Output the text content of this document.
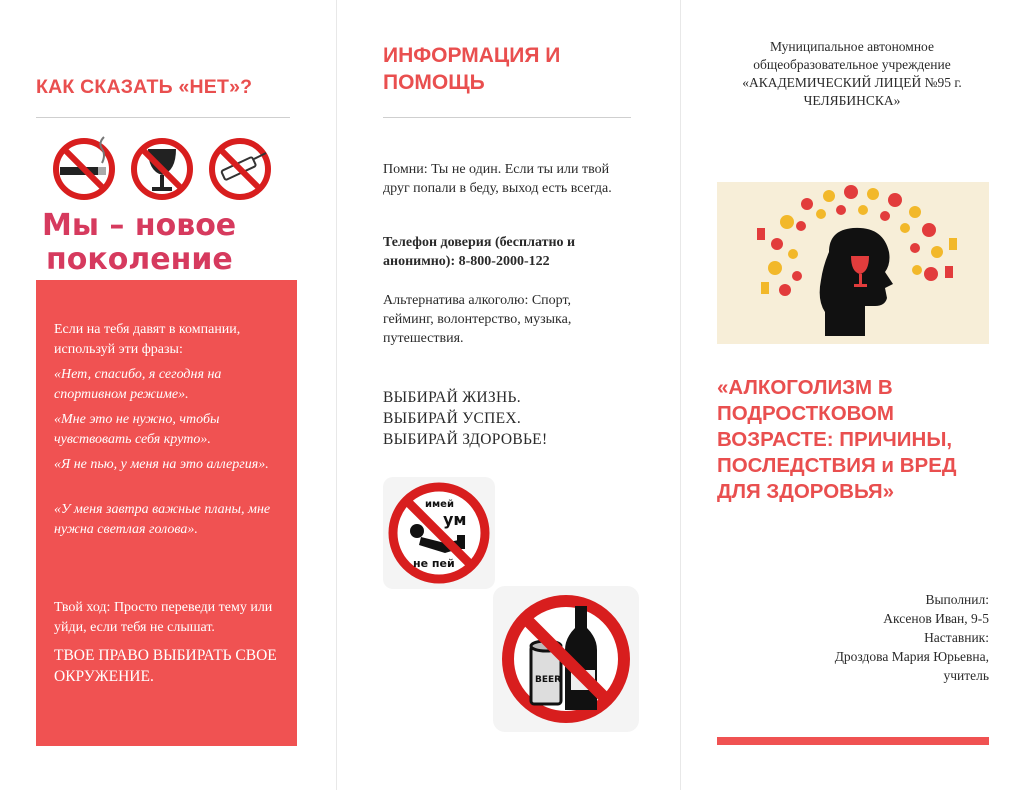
КАК СКАЗАТЬ «НЕТ»?
Мы – новое
поколение

Если на тебя давят в компании, используй эти фразы:

«Нет, спасибо, я сегодня на спортивном режиме».

«Мне это не нужно, чтобы чувствовать себя круто».

«Я не пью, у меня на это аллергия».

«У меня завтра важные планы, мне нужна светлая голова».

Твой ход: Просто переведи тему или уйди, если тебя не слышат.

ТВОЕ ПРАВО ВЫБИРАТЬ СВОЕ ОКРУЖЕНИЕ.

ИНФОРМАЦИЯ И ПОМОЩЬ

Помни: Ты не один. Если ты или твой друг попали в беду, выход есть всегда.

Телефон доверия (бесплатно и анонимно): 8-800-2000-122

Альтернатива алкоголю: Спорт, гейминг, волонтерство, музыка, путешествия.

ВЫБИРАЙ ЖИЗНЬ.

ВЫБИРАЙ УСПЕХ.

ВЫБИРАЙ ЗДОРОВЬЕ!

имей
ум
не пей
BEER

Муниципальное автономное общеобразовательное учреждение «АКАДЕМИЧЕСКИЙ ЛИЦЕЙ №95 г. ЧЕЛЯБИНСКА»

«АЛКОГОЛИЗМ В ПОДРОСТКОВОМ ВОЗРАСТЕ: ПРИЧИНЫ, ПОСЛЕДСТВИЯ и ВРЕД ДЛЯ ЗДОРОВЬЯ»

Выполнил:

Аксенов Иван, 9-5

Наставник:

Дроздова Мария Юрьевна,

учитель
